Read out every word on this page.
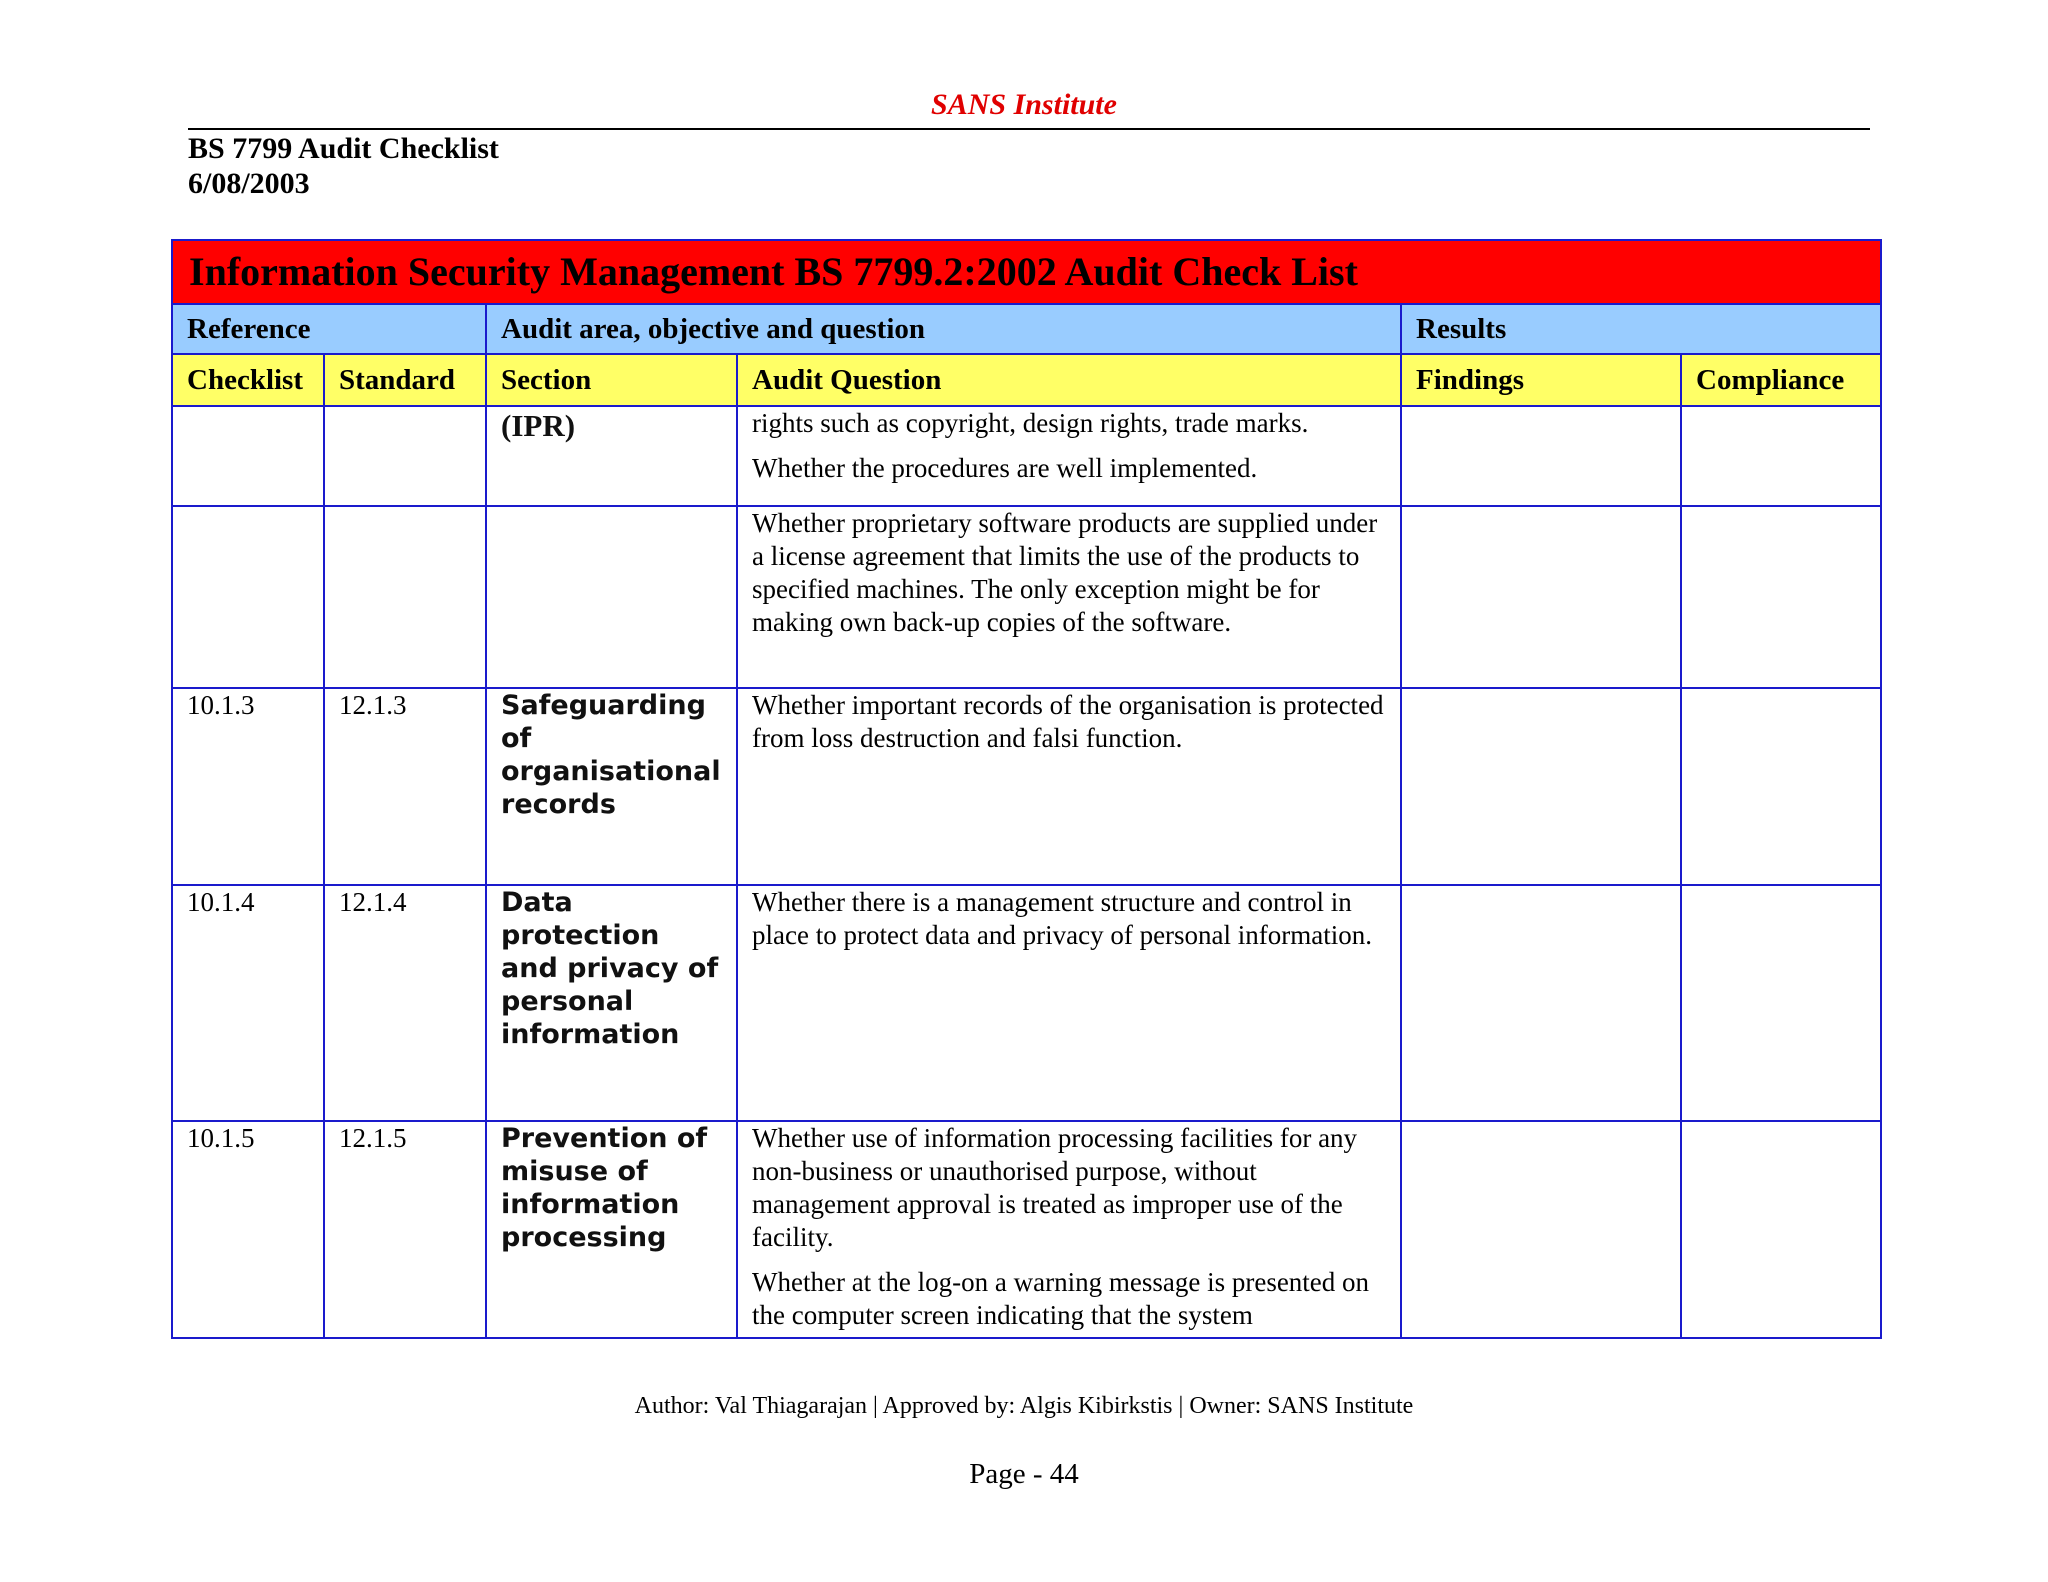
SANS Institute
BS 7799 Audit Checklist
6/08/2003
Information Security Management BS 7799.2:2002 Audit Check List					
Reference		Audit area, objective and question		Results	
Checklist	Standard	Section	Audit Question	Findings	Compliance
		(IPR)	rights such as copyright, design rights, trade marks.

Whether the procedures are well implemented.		

			Whether proprietary software products are supplied under a license agreement that limits the use of the products to specified machines. The only exception might be for making own back-up copies of the software.		

10.1.3	12.1.3	Safeguarding of organisational records	Whether important records of the organisation is protected from loss destruction and falsi function.		

10.1.4	12.1.4	Data protection and privacy of personal information	Whether there is a management structure and control in place to protect data and privacy of personal information.		

10.1.5	12.1.5	Prevention of misuse of information processing	Whether use of information processing facilities for any non-business or unauthorised purpose, without management approval is treated as improper use of the facility.

Whether at the log-on a warning message is presented on the computer screen indicating that the system		

Author: Val Thiagarajan | Approved by: Algis Kibirkstis | Owner: SANS Institute
Page - 44
